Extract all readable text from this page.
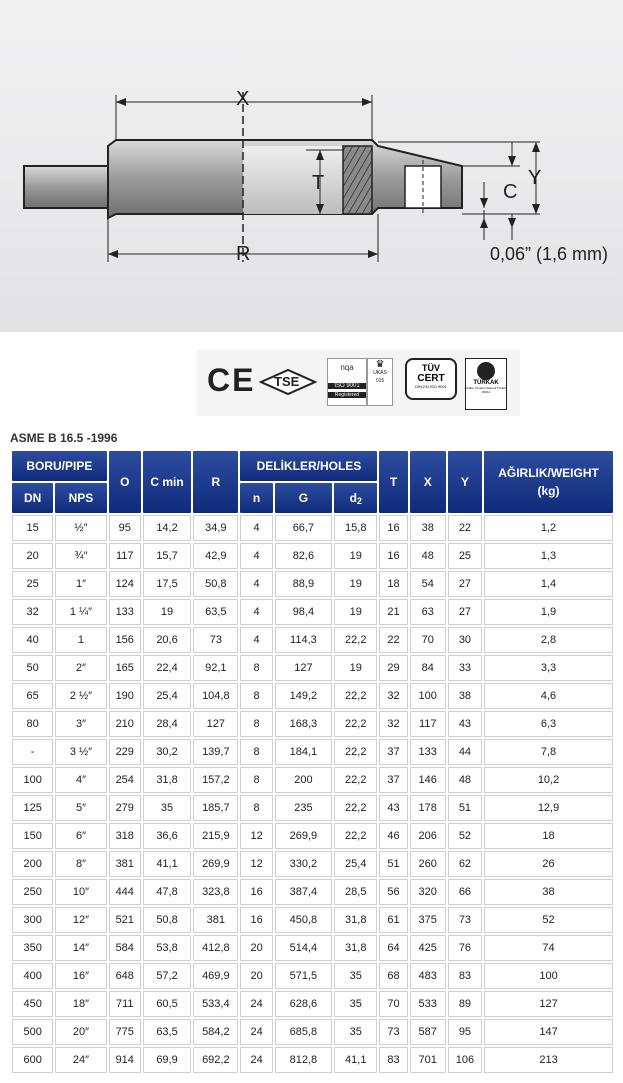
X
T
R
C
Y
0,06” (1,6 mm)
CE TSE
nqa
ISO 9001
Registered
♛
UKAS
015
TÜV
CERT
DIN EN ISO 9001
TÜRKAK
Kalite Yönetim Sistemi TS EN 45012
ASME B 16.5 -1996
BORU/PIPE		O	C min	R	DELİKLER/HOLES			T	X	Y	AĞIRLIK/WEIGHT
(kg)

DN	NPS				n	G	$d_2$
15	½″	95	14,2	34,9	4	66,7	15,8	16	38	22	1,2
20	¾″	117	15,7	42,9	4	82,6	19	16	48	25	1,3
25	1″	124	17,5	50,8	4	88,9	19	18	54	27	1,4
32	1 ¼″	133	19	63,5	4	98,4	19	21	63	27	1,9
40	1	156	20,6	73	4	114,3	22,2	22	70	30	2,8
50	2″	165	22,4	92,1	8	127	19	29	84	33	3,3
65	2 ½″	190	25,4	104,8	8	149,2	22,2	32	100	38	4,6
80	3″	210	28,4	127	8	168,3	22,2	32	117	43	6,3
-	3 ½″	229	30,2	139,7	8	184,1	22,2	37	133	44	7,8
100	4″	254	31,8	157,2	8	200	22,2	37	146	48	10,2
125	5″	279	35	185,7	8	235	22,2	43	178	51	12,9
150	6″	318	36,6	215,9	12	269,9	22,2	46	206	52	18
200	8″	381	41,1	269,9	12	330,2	25,4	51	260	62	26
250	10″	444	47,8	323,8	16	387,4	28,5	56	320	66	38
300	12″	521	50,8	381	16	450,8	31,8	61	375	73	52
350	14″	584	53,8	412,8	20	514,4	31,8	64	425	76	74
400	16″	648	57,2	469,9	20	571,5	35	68	483	83	100
450	18″	711	60,5	533,4	24	628,6	35	70	533	89	127
500	20″	775	63,5	584,2	24	685,8	35	73	587	95	147
600	24″	914	69,9	692,2	24	812,8	41,1	83	701	106	213
